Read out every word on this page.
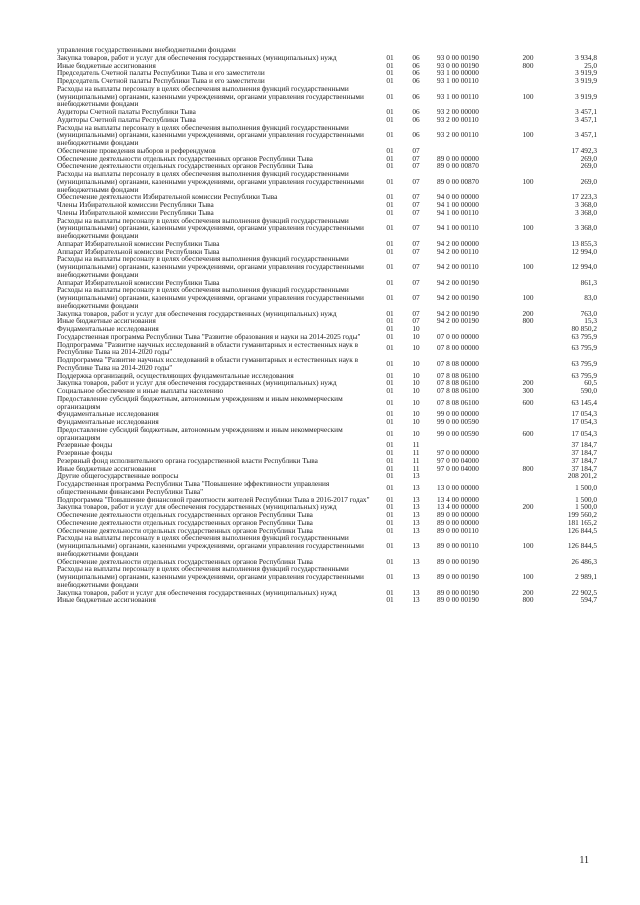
управления государственными внебюджетными фондами					
Закупка товаров, работ и услуг для обеспечения государственных (муниципальных) нужд	01	06	93 0 00 00190	200	3 934,8
Иные бюджетные ассигнования	01	06	93 0 00 00190	800	25,0
Председатель Счетной палаты Республики Тыва и его заместители	01	06	93 1 00 00000		3 919,9
Председатель Счетной палаты Республики Тыва и его заместители	01	06	93 1 00 00110		3 919,9
Расходы на выплаты персоналу в целях обеспечения выполнения функций государственными (муниципальными) органами, казенными учреждениями, органами управления государственными внебюджетными фондами	01	06	93 1 00 00110	100	3 919,9
Аудиторы Счетной палаты Республики Тыва	01	06	93 2 00 00000		3 457,1
Аудиторы Счетной палаты Республики Тыва	01	06	93 2 00 00110		3 457,1
Расходы на выплаты персоналу в целях обеспечения выполнения функций государственными (муниципальными) органами, казенными учреждениями, органами управления государственными внебюджетными фондами	01	06	93 2 00 00110	100	3 457,1
Обеспечение проведения выборов и референдумов	01	07			17 492,3
Обеспечение деятельности отдельных государственных органов Республики Тыва	01	07	89 0 00 00000		269,0
Обеспечение деятельности отдельных государственных органов Республики Тыва	01	07	89 0 00 00870		269,0
Расходы на выплаты персоналу в целях обеспечения выполнения функций государственными (муниципальными) органами, казенными учреждениями, органами управления государственными внебюджетными фондами	01	07	89 0 00 00870	100	269,0
Обеспечение деятельности Избирательной комиссии Республики Тыва	01	07	94 0 00 00000		17 223,3
Члены Избирательной комиссии Республики Тыва	01	07	94 1 00 00000		3 368,0
Члены Избирательной комиссии Республики Тыва	01	07	94 1 00 00110		3 368,0
Расходы на выплаты персоналу в целях обеспечения выполнения функций государственными (муниципальными) органами, казенными учреждениями, органами управления государственными внебюджетными фондами	01	07	94 1 00 00110	100	3 368,0
Аппарат Избирательной комиссии Республики Тыва	01	07	94 2 00 00000		13 855,3
Аппарат Избирательной комиссии Республики Тыва	01	07	94 2 00 00110		12 994,0
Расходы на выплаты персоналу в целях обеспечения выполнения функций государственными (муниципальными) органами, казенными учреждениями, органами управления государственными внебюджетными фондами	01	07	94 2 00 00110	100	12 994,0
Аппарат Избирательной комиссии Республики Тыва	01	07	94 2 00 00190		861,3
Расходы на выплаты персоналу в целях обеспечения выполнения функций государственными (муниципальными) органами, казенными учреждениями, органами управления государственными внебюджетными фондами	01	07	94 2 00 00190	100	83,0
Закупка товаров, работ и услуг для обеспечения государственных (муниципальных) нужд	01	07	94 2 00 00190	200	763,0
Иные бюджетные ассигнования	01	07	94 2 00 00190	800	15,3
Фундаментальные исследования	01	10			80 850,2
Государственная программа Республики Тыва "Развитие образования и науки на 2014-2025 годы"	01	10	07 0 00 00000		63 795,9
Подпрограмма "Развитие научных исследований в области гуманитарных и естественных наук в Республике Тыва на 2014-2020 годы"	01	10	07 8 00 00000		63 795,9
Подпрограмма "Развитие научных исследований в области гуманитарных и естественных наук в Республике Тыва на 2014-2020 годы"	01	10	07 8 08 00000		63 795,9
Поддержка организаций, осуществляющих фундаментальные исследования	01	10	07 8 08 06100		63 795,9
Закупка товаров, работ и услуг для обеспечения государственных (муниципальных) нужд	01	10	07 8 08 06100	200	60,5
Социальное обеспечение и иные выплаты населению	01	10	07 8 08 06100	300	590,0
Предоставление субсидий бюджетным, автономным учреждениям и иным некоммерческим организациям	01	10	07 8 08 06100	600	63 145,4
Фундаментальные исследования	01	10	99 0 00 00000		17 054,3
Фундаментальные исследования	01	10	99 0 00 00590		17 054,3
Предоставление субсидий бюджетным, автономным учреждениям и иным некоммерческим организациям	01	10	99 0 00 00590	600	17 054,3
Резервные фонды	01	11			37 184,7
Резервные фонды	01	11	97 0 00 00000		37 184,7
Резервный фонд исполнительного органа государственной власти Республики Тыва	01	11	97 0 00 04000		37 184,7
Иные бюджетные ассигнования	01	11	97 0 00 04000	800	37 184,7
Другие общегосударственные вопросы	01	13			208 201,2
Государственная программа Республики Тыва "Повышение эффективности управления общественными финансами Республики Тыва"	01	13	13 0 00 00000		1 500,0
Подпрограмма "Повышение финансовой грамотности жителей Республики Тыва в 2016-2017 годах"	01	13	13 4 00 00000		1 500,0
Закупка товаров, работ и услуг для обеспечения государственных (муниципальных) нужд	01	13	13 4 00 00000	200	1 500,0
Обеспечение деятельности отдельных государственных органов Республики Тыва	01	13	89 0 00 00000		199 560,2
Обеспечение деятельности отдельных государственных органов Республики Тыва	01	13	89 0 00 00000		181 165,2
Обеспечение деятельности отдельных государственных органов Республики Тыва	01	13	89 0 00 00110		126 844,5
Расходы на выплаты персоналу в целях обеспечения выполнения функций государственными (муниципальными) органами, казенными учреждениями, органами управления государственными внебюджетными фондами	01	13	89 0 00 00110	100	126 844,5
Обеспечение деятельности отдельных государственных органов Республики Тыва	01	13	89 0 00 00190		26 486,3
Расходы на выплаты персоналу в целях обеспечения выполнения функций государственными (муниципальными) органами, казенными учреждениями, органами управления государственными внебюджетными фондами	01	13	89 0 00 00190	100	2 989,1
Закупка товаров, работ и услуг для обеспечения государственных (муниципальных) нужд	01	13	89 0 00 00190	200	22 902,5
Иные бюджетные ассигнования	01	13	89 0 00 00190	800	594,7
11
